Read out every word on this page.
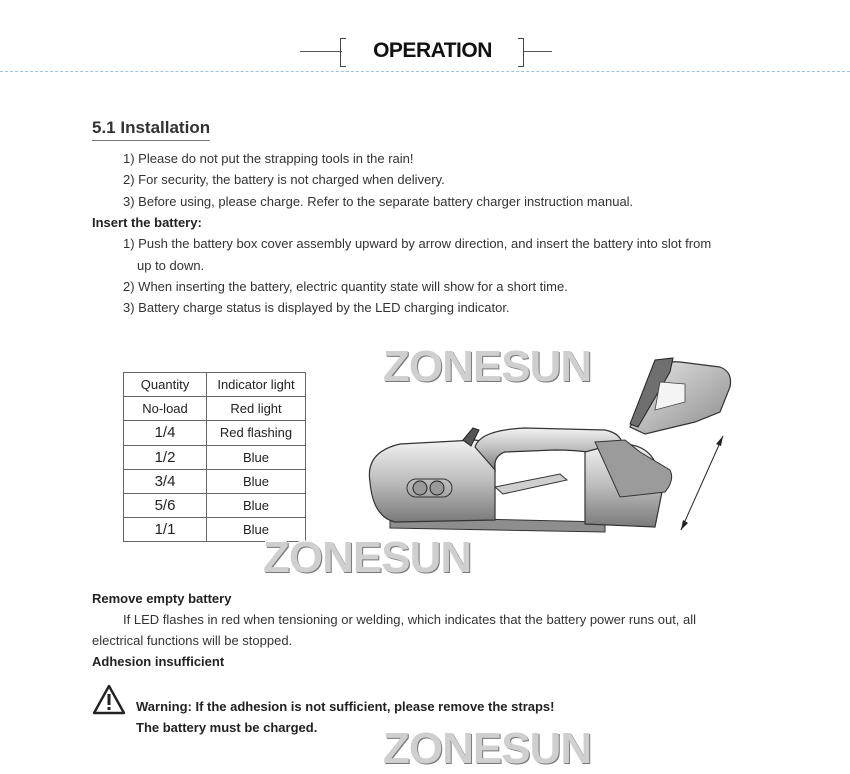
OPERATION
5.1 Installation
1) Please do not put the strapping tools in the rain!
2) For security, the battery is not charged when delivery.
3) Before using, please charge. Refer to the separate battery charger instruction manual.
Insert the battery:
1) Push the battery box cover assembly upward by arrow direction, and insert the battery into slot from
up to down.
2) When inserting the battery, electric quantity state will show for a short time.
3) Battery charge status is displayed by the LED charging indicator.
Quantity	Indicator light
No-load	Red light
1/4	Red flashing
1/2	Blue
3/4	Blue
5/6	Blue
1/1	Blue
ZONESUN
ZONESUN
ZONESUN
Remove empty battery
If LED flashes in red when tensioning or welding, which indicates that the battery power runs out, all
electrical functions will be stopped.
Adhesion insufficient
Warning: If the adhesion is not sufficient, please remove the straps!
The battery must be charged.
